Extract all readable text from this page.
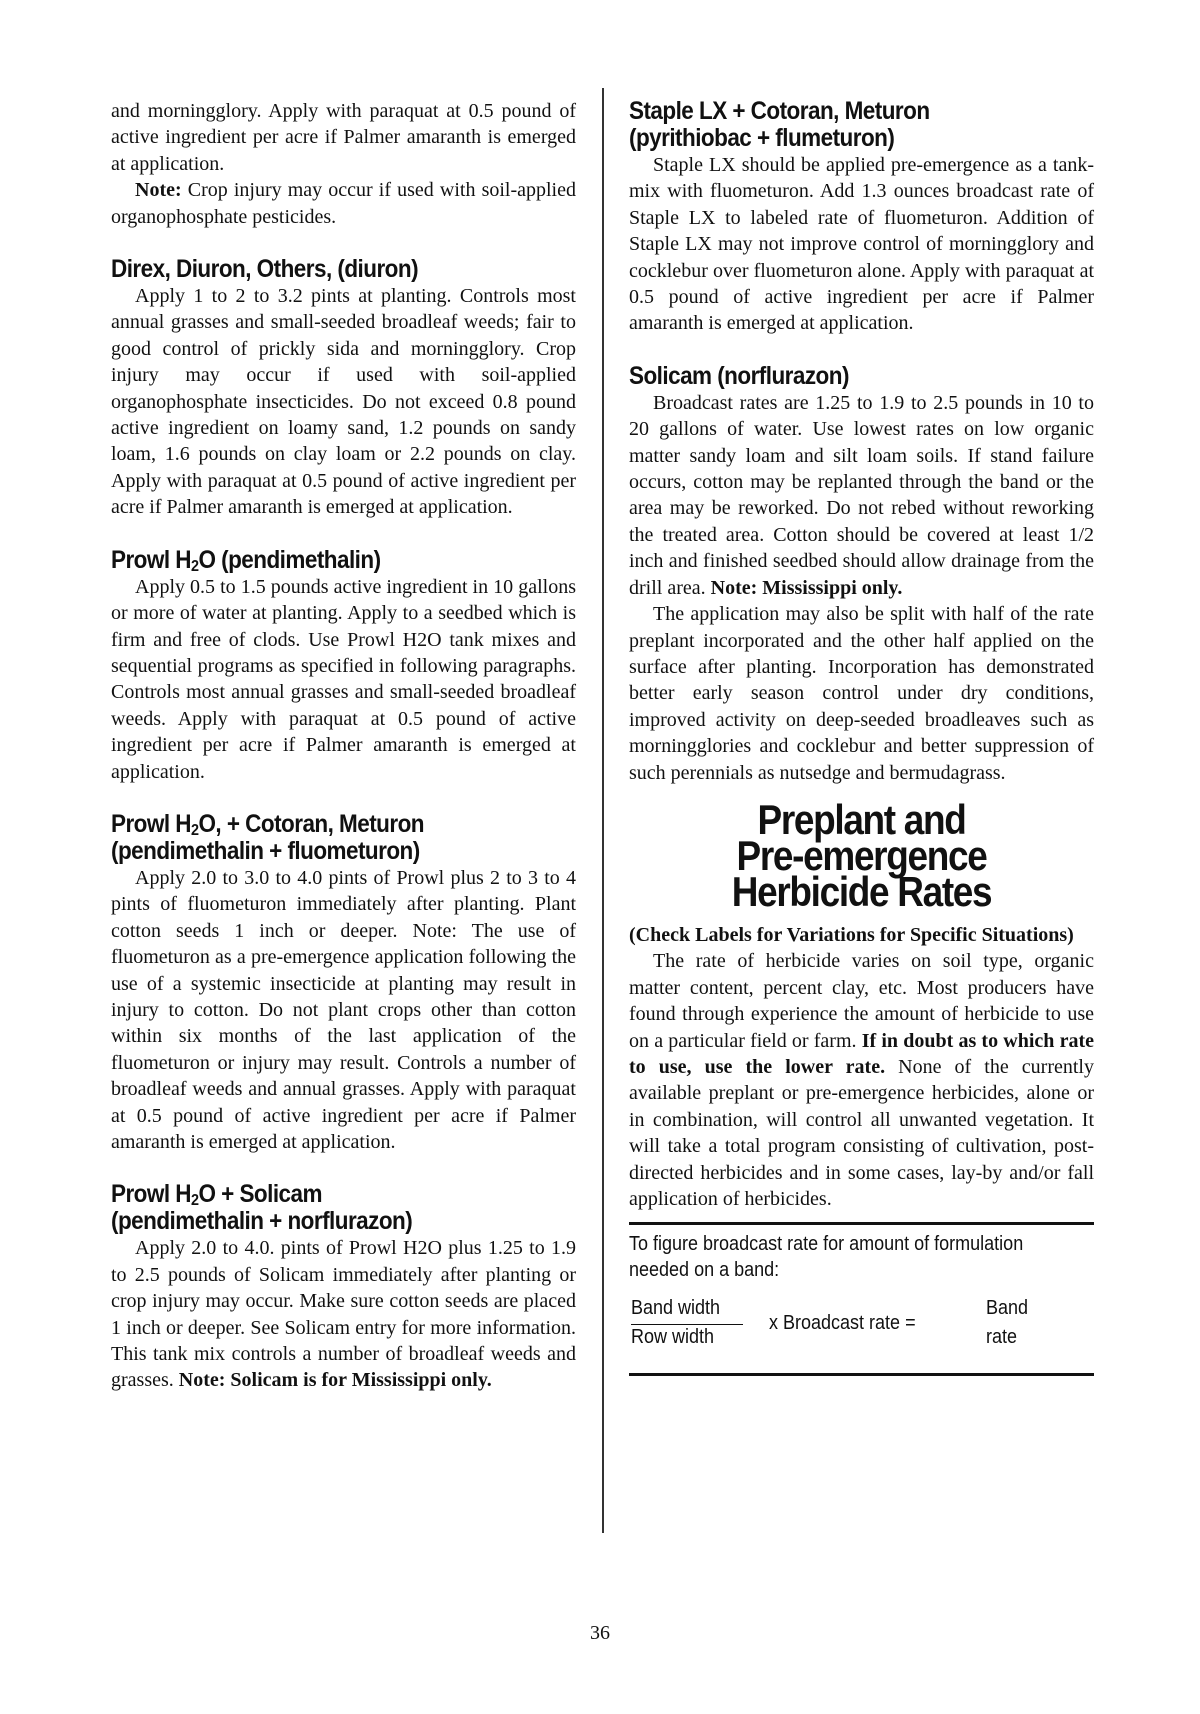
and morningglory. Apply with paraquat at 0.5 pound of active ingredient per acre if Palmer amaranth is emerged at application.

Note: Crop injury may occur if used with soil-applied organophosphate pesticides.

Direx, Diuron, Others, (diuron)

Apply 1 to 2 to 3.2 pints at planting. Controls most annual grasses and small-seeded broadleaf weeds; fair to good control of prickly sida and morningglory. Crop injury may occur if used with soil-applied organophosphate insecticides. Do not exceed 0.8 pound active ingredient on loamy sand, 1.2 pounds on sandy loam, 1.6 pounds on clay loam or 2.2 pounds on clay. Apply with paraquat at 0.5 pound of active ingredient per acre if Palmer amaranth is emerged at application.

Prowl $H_2O$ (pendimethalin)

Apply 0.5 to 1.5 pounds active ingredient in 10 gallons or more of water at planting. Apply to a seedbed which is firm and free of clods. Use Prowl H2O tank mixes and sequential programs as specified in following paragraphs. Controls most annual grasses and small-seeded broadleaf weeds. Apply with paraquat at 0.5 pound of active ingredient per acre if Palmer amaranth is emerged at application.

Prowl $H_2O$, + Cotoran, Meturon
(pendimethalin + fluometuron)

Apply 2.0 to 3.0 to 4.0 pints of Prowl plus 2 to 3 to 4 pints of fluometuron immediately after planting. Plant cotton seeds 1 inch or deeper. Note: The use of fluometuron as a pre-emergence application following the use of a systemic insecticide at planting may result in injury to cotton. Do not plant crops other than cotton within six months of the last application of the fluometuron or injury may result. Controls a number of broadleaf weeds and annual grasses. Apply with paraquat at 0.5 pound of active ingredient per acre if Palmer amaranth is emerged at application.

Prowl $H_2O$ + Solicam
(pendimethalin + norflurazon)

Apply 2.0 to 4.0. pints of Prowl H2O plus 1.25 to 1.9 to 2.5 pounds of Solicam immediately after planting or crop injury may occur. Make sure cotton seeds are placed 1 inch or deeper. See Solicam entry for more information. This tank mix controls a number of broadleaf weeds and grasses. Note: Solicam is for Mississippi only.

Staple LX + Cotoran, Meturon
(pyrithiobac + flumeturon)

Staple LX should be applied pre-emergence as a tank-mix with fluometuron. Add 1.3 ounces broadcast rate of Staple LX to labeled rate of fluometuron. Addition of Staple LX may not improve control of morningglory and cocklebur over fluometuron alone. Apply with paraquat at 0.5 pound of active ingredient per acre if Palmer amaranth is emerged at application.

Solicam (norflurazon)

Broadcast rates are 1.25 to 1.9 to 2.5 pounds in 10 to 20 gallons of water. Use lowest rates on low organic matter sandy loam and silt loam soils. If stand failure occurs, cotton may be replanted through the band or the area may be reworked. Do not rebed without reworking the treated area. Cotton should be covered at least 1/2 inch and finished seedbed should allow drainage from the drill area. Note: Mississippi only.

The application may also be split with half of the rate preplant incorporated and the other half applied on the surface after planting. Incorporation has demonstrated better early season control under dry conditions, improved activity on deep-seeded broadleaves such as morningglories and cocklebur and better suppression of such perennials as nutsedge and bermudagrass.

Preplant and
Pre-emergence
Herbicide Rates

(Check Labels for Variations for Specific Situations)

The rate of herbicide varies on soil type, organic matter content, percent clay, etc. Most producers have found through experience the amount of herbicide to use on a particular field or farm. If in doubt as to which rate to use, use the lower rate. None of the currently available preplant or pre-emergence herbicides, alone or in combination, will control all unwanted vegetation. It will take a total program consisting of cultivation, post-directed herbicides and in some cases, lay-by and/or fall application of herbicides.

To figure broadcast rate for amount of formulation needed on a band:

Band width
Row width
x Broadcast rate =
Band
rate
36
